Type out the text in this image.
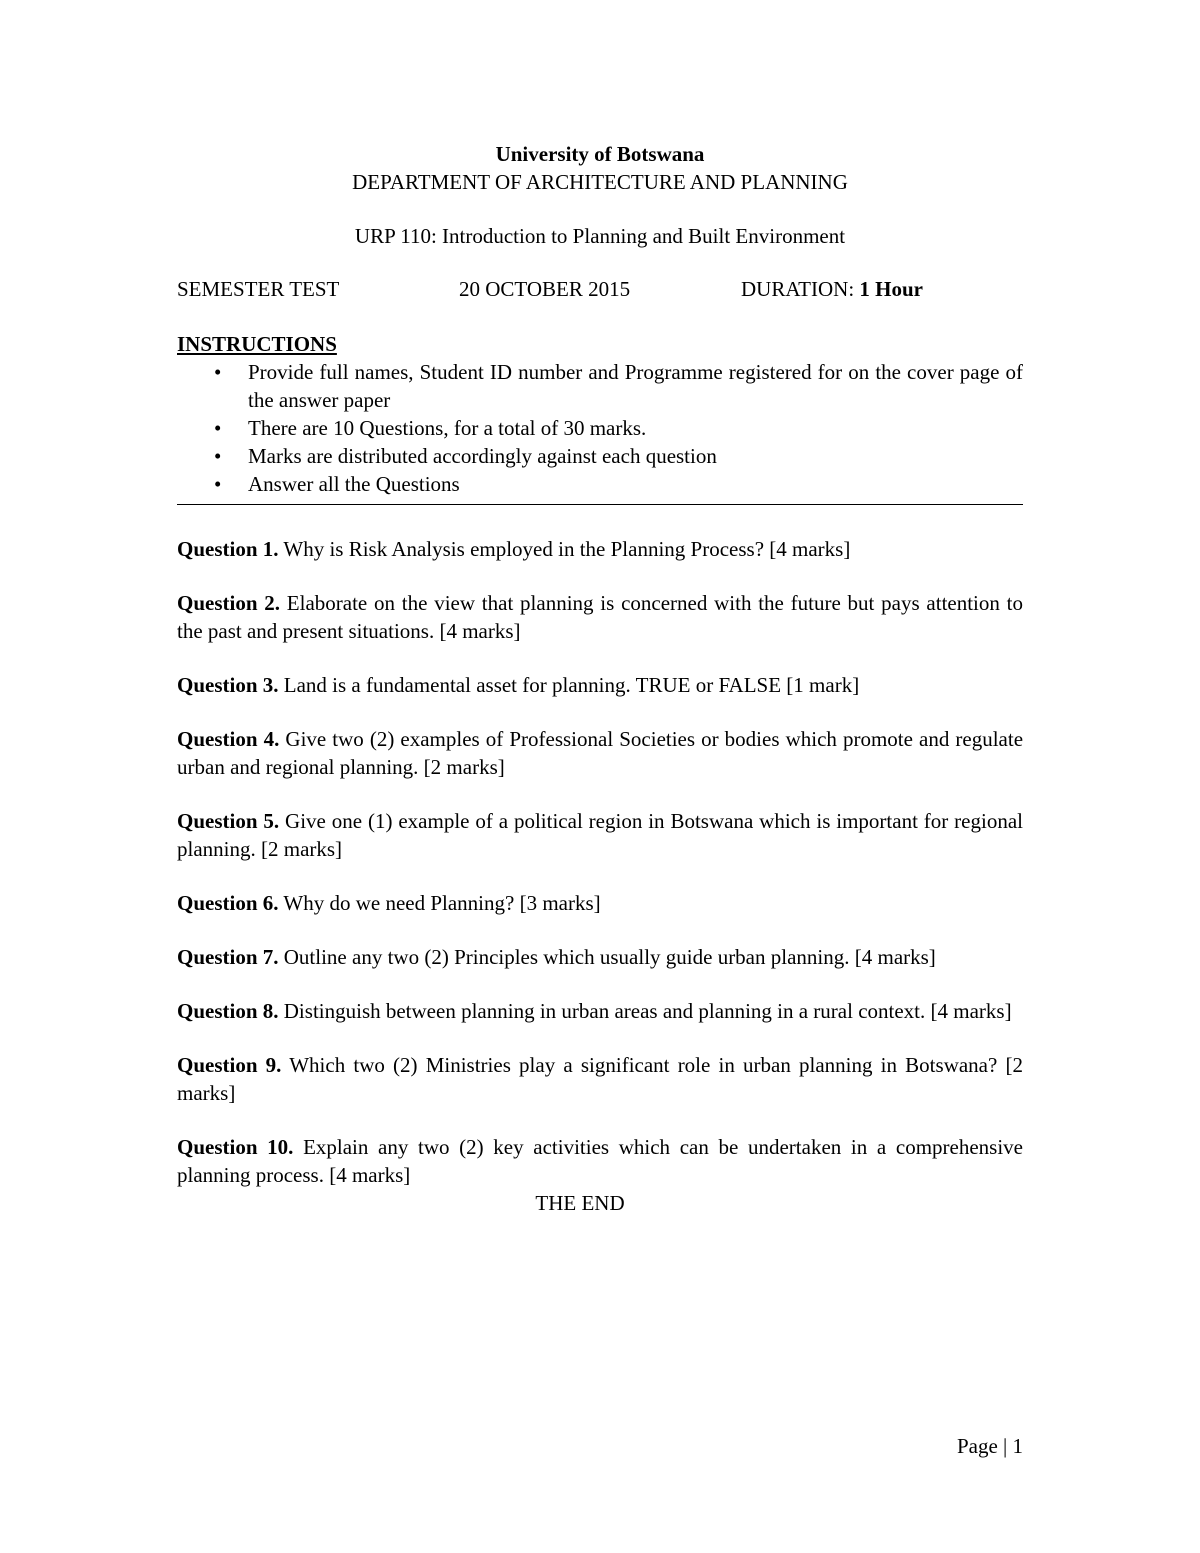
University of Botswana
DEPARTMENT OF ARCHITECTURE AND PLANNING
URP 110: Introduction to Planning and Built Environment
SEMESTER TEST	20 OCTOBER 2015	DURATION: 1 Hour
INSTRUCTIONS
• Provide full names, Student ID number and Programme registered for on the cover page of the answer paper
• There are 10 Questions, for a total of 30 marks.
• Marks are distributed accordingly against each question
• Answer all the Questions
Question 1. Why is Risk Analysis employed in the Planning Process? [4 marks]
Question 2. Elaborate on the view that planning is concerned with the future but pays attention to the past and present situations. [4 marks]
Question 3. Land is a fundamental asset for planning. TRUE or FALSE [1 mark]
Question 4. Give two (2) examples of Professional Societies or bodies which promote and regulate urban and regional planning. [2 marks]
Question 5. Give one (1) example of a political region in Botswana which is important for regional planning. [2 marks]
Question 6. Why do we need Planning? [3 marks]
Question 7. Outline any two (2) Principles which usually guide urban planning. [4 marks]
Question 8. Distinguish between planning in urban areas and planning in a rural context. [4 marks]
Question 9. Which two (2) Ministries play a significant role in urban planning in Botswana? [2 marks]
Question 10. Explain any two (2) key activities which can be undertaken in a comprehensive planning process. [4 marks]
THE END
Page | 1
